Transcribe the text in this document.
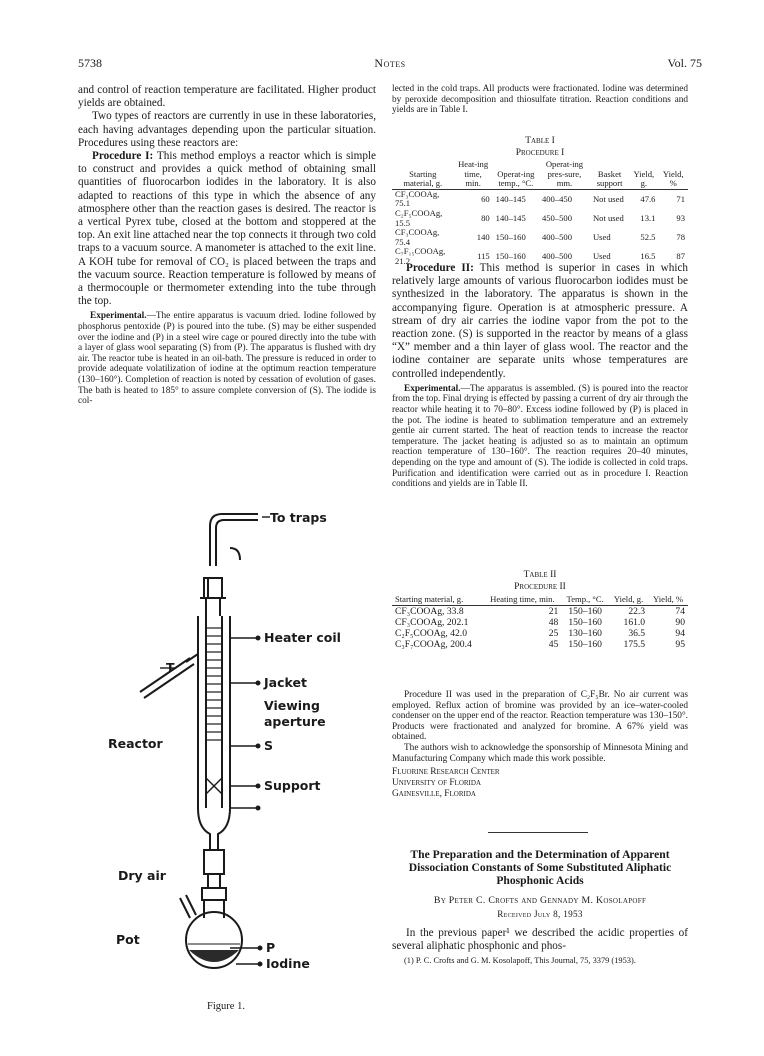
5738	Notes	Vol. 75

and control of reaction temperature are facilitated. Higher product yields are obtained.

Two types of reactors are currently in use in these laboratories, each having advantages depending upon the particular situation. Procedures using these reactors are:

Procedure I: This method employs a reactor which is simple to construct and provides a quick method of obtaining small quantities of fluorocarbon iodides in the laboratory. It is also adapted to reactions of this type in which the absence of any atmosphere other than the reaction gases is desired. The reactor is a vertical Pyrex tube, closed at the bottom and stoppered at the top. An exit line attached near the top connects it through two cold traps to a vacuum source. A manometer is attached to the exit line. A KOH tube for removal of CO₂ is placed between the traps and the vacuum source. Reaction temperature is followed by means of a thermocouple or thermometer extending into the tube through the top.

Experimental.—The entire apparatus is vacuum dried. Iodine followed by phosphorus pentoxide (P) is poured into the tube. (S) may be either suspended over the iodine and (P) in a steel wire cage or poured directly into the tube with a layer of glass wool separating (S) from (P). The apparatus is flushed with dry air. The reactor tube is heated in an oil-bath. The pressure is reduced in order to provide adequate volatilization of iodine at the optimum reaction temperature (130–160°). Completion of reaction is noted by cessation of evolution of gases. The bath is heated to 185° to assure complete conversion of (S). The iodide is col-

To traps
Heater coil
T
Jacket
Viewing
aperture
Reactor	S
Support
Dry air
Pot
P
Iodine
Figure 1.

lected in the cold traps. All products were fractionated. Iodine was determined by peroxide decomposition and thiosulfate titration. Reaction conditions and yields are in Table I.

Table I
Procedure I
Starting material, g.	Heat-ing time, min.	Operat-ing temp., °C.	Operat-ing pres-sure, mm.	Basket support	Yield, g.	Yield, %
CF₃COOAg, 75.1	60	140–145	400–450	Not used	47.6	71
C₂F₅COOAg, 15.5	80	140–145	450–500	Not used	13.1	93
CF₃COOAg, 75.4	140	150–160	400–500	Used	52.5	78
C₇F₁₅COOAg, 21.2	115	150–160	400–500	Used	16.5	87

Procedure II: This method is superior in cases in which relatively large amounts of various fluorocarbon iodides must be synthesized in the laboratory. The apparatus is shown in the accompanying figure. Operation is at atmospheric pressure. A stream of dry air carries the iodine vapor from the pot to the reaction zone. (S) is supported in the reactor by means of a glass “X” member and a thin layer of glass wool. The reactor and the iodine container are separate units whose temperatures are controlled independently.

Experimental.—The apparatus is assembled. (S) is poured into the reactor from the top. Final drying is effected by passing a current of dry air through the reactor while heating it to 70–80°. Excess iodine followed by (P) is placed in the pot. The iodine is heated to sublimation temperature and an extremely gentle air current started. The heat of reaction tends to increase the reactor temperature. The jacket heating is adjusted so as to maintain an optimum reaction temperature of 130–160°. The reaction requires 20–40 minutes, depending on the type and amount of (S). The iodide is collected in cold traps. Purification and identification were carried out as in procedure I. Reaction conditions and yields are in Table II.

Table II
Procedure II
Starting material, g.	Heating time, min.	Temp., °C.	Yield, g.	Yield, %
CF₃COOAg, 33.8	21	150–160	22.3	74
CF₃COOAg, 202.1	48	150–160	161.0	90
C₂F₅COOAg, 42.0	25	130–160	36.5	94
C₃F₇COOAg, 200.4	45	150–160	175.5	95

Procedure II was used in the preparation of C₂F₅Br. No air current was employed. Reflux action of bromine was provided by an ice–water-cooled condenser on the upper end of the reactor. Reaction temperature was 130–150°. Products were fractionated and analyzed for bromine. A 67% yield was obtained.

The authors wish to acknowledge the sponsorship of Minnesota Mining and Manufacturing Company which made this work possible.

Fluorine Research Center
University of Florida
Gainesville, Florida
The Preparation and the Determination of Apparent Dissociation Constants of Some Substituted Aliphatic Phosphonic Acids
By Peter C. Crofts and Gennady M. Kosolapoff
Received July 8, 1953

In the previous paper¹ we described the acidic properties of several aliphatic phosphonic and phos-

(1) P. C. Crofts and G. M. Kosolapoff, This Journal, 75, 3379 (1953).
